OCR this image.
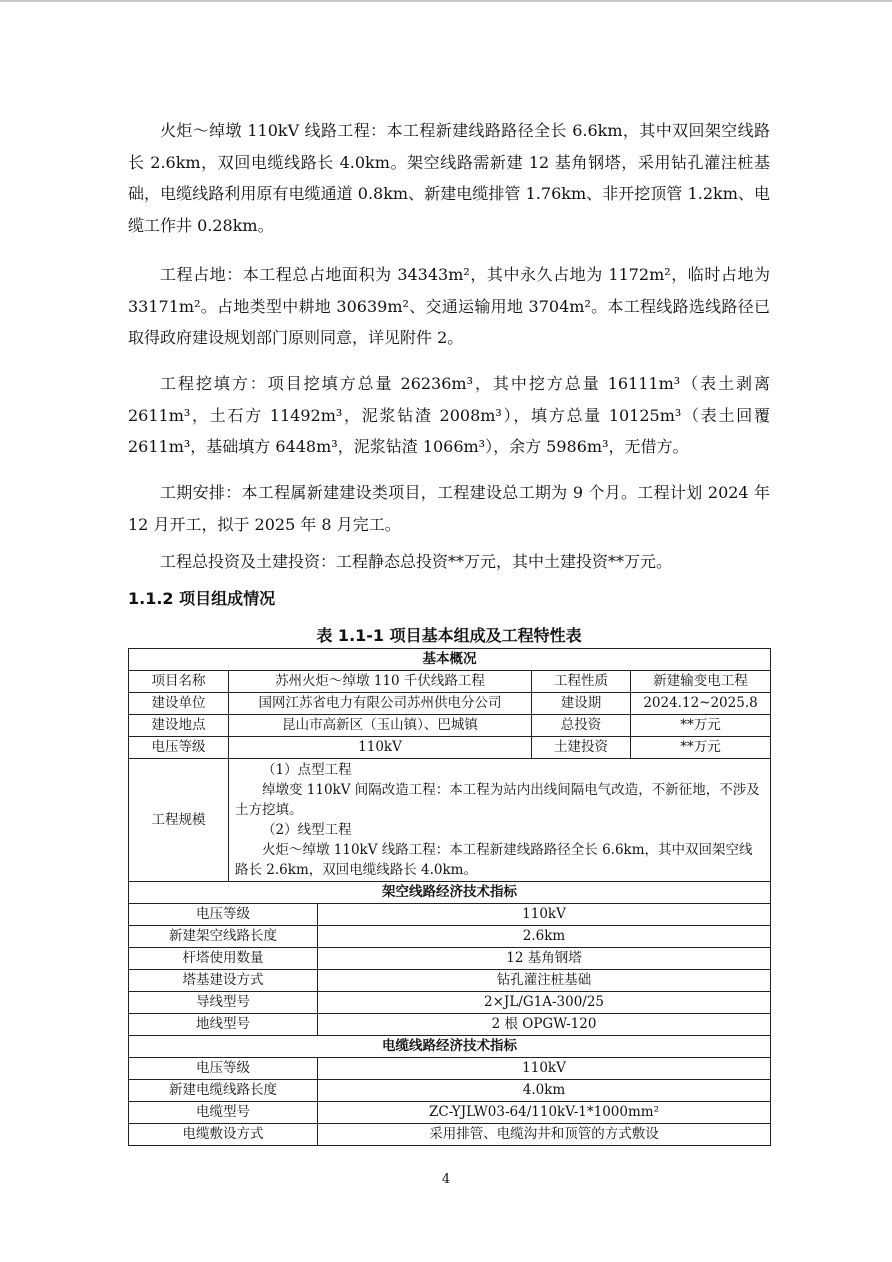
火炬～绰墩 110kV 线路工程：本工程新建线路路径全长 6.6km，其中双回架空线路长 2.6km，双回电缆线路长 4.0km。架空线路需新建 12 基角钢塔，采用钻孔灌注桩基础，电缆线路利用原有电缆通道 0.8km、新建电缆排管 1.76km、非开挖顶管 1.2km、电缆工作井 0.28km。

工程占地：本工程总占地面积为 34343m²，其中永久占地为 1172m²，临时占地为 33171m²。占地类型中耕地 30639m²、交通运输用地 3704m²。本工程线路选线路径已取得政府建设规划部门原则同意，详见附件 2。

工程挖填方：项目挖填方总量 26236m³，其中挖方总量 16111m³（表土剥离 2611m³，土石方 11492m³，泥浆钻渣 2008m³），填方总量 10125m³（表土回覆 2611m³，基础填方 6448m³，泥浆钻渣 1066m³），余方 5986m³，无借方。

工期安排：本工程属新建建设类项目，工程建设总工期为 9 个月。工程计划 2024 年 12 月开工，拟于 2025 年 8 月完工。

工程总投资及土建投资：工程静态总投资**万元，其中土建投资**万元。

1.1.2 项目组成情况

表 1.1-1 项目基本组成及工程特性表

基本概况				
项目名称	苏州火炬～绰墩 110 千伏线路工程		工程性质	新建输变电工程
建设单位	国网江苏省电力有限公司苏州供电分公司		建设期	2024.12~2025.8
建设地点	昆山市高新区（玉山镇）、巴城镇		总投资	**万元
电压等级	110kV		土建投资	**万元
工程规模	（1）点型工程
绰墩变 110kV 间隔改造工程：本工程为站内出线间隔电气改造，不新征地，不涉及土方挖填。
（2）线型工程
火炬～绰墩 110kV 线路工程：本工程新建线路路径全长 6.6km，其中双回架空线路长 2.6km，双回电缆线路长 4.0km。			

架空线路经济技术指标				
电压等级		110kV		
新建架空线路长度		2.6km		
杆塔使用数量		12 基角钢塔		
塔基建设方式		钻孔灌注桩基础		
导线型号		2×JL/G1A-300/25		
地线型号		2 根 OPGW-120		
电缆线路经济技术指标				
电压等级		110kV		
新建电缆线路长度		4.0km		
电缆型号		ZC-YJLW03-64/110kV-1*1000mm²		
电缆敷设方式		采用排管、电缆沟井和顶管的方式敷设		

4
